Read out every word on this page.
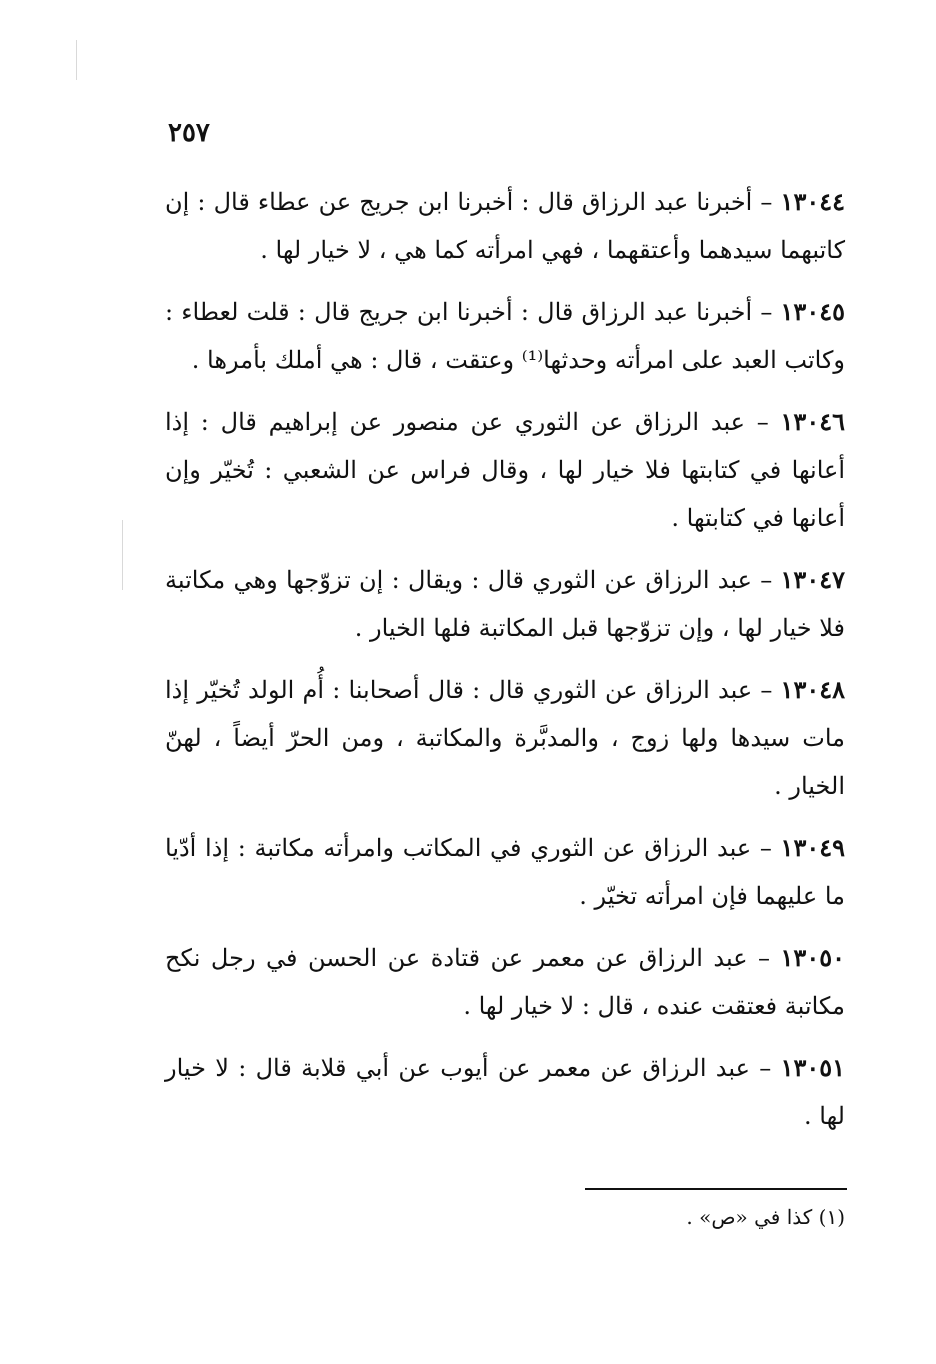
٢٥٧

١٣٠٤٤ – أخبرنا عبد الرزاق قال : أخبرنا ابن جريج عن عطاء قال : إن كاتبهما سيدهما وأعتقهما ، فهي امرأته كما هي ، لا خيار لها .

١٣٠٤٥ – أخبرنا عبد الرزاق قال : أخبرنا ابن جريج قال : قلت لعطاء : وكاتب العبد على امرأته وحدثها⁽¹⁾ وعتقت ، قال : هي أملك بأمرها .

١٣٠٤٦ – عبد الرزاق عن الثوري عن منصور عن إبراهيم قال : إذا أعانها في كتابتها فلا خيار لها ، وقال فراس عن الشعبي : تُخيّر وإن أعانها في كتابتها .

١٣٠٤٧ – عبد الرزاق عن الثوري قال : ويقال : إن تزوّجها وهي مكاتبة فلا خيار لها ، وإن تزوّجها قبل المكاتبة فلها الخيار .

١٣٠٤٨ – عبد الرزاق عن الثوري قال : قال أصحابنا : أُم الولد تُخيّر إذا مات سيدها ولها زوج ، والمدبَّرة والمكاتبة ، ومن الحرّ أيضاً ، لهنّ الخيار .

١٣٠٤٩ – عبد الرزاق عن الثوري في المكاتب وامرأته مكاتبة : إذا أدّيا ما عليهما فإن امرأته تخيّر .

١٣٠٥٠ – عبد الرزاق عن معمر عن قتادة عن الحسن في رجل نكح مكاتبة فعتقت عنده ، قال : لا خيار لها .

١٣٠٥١ – عبد الرزاق عن معمر عن أيوب عن أبي قلابة قال : لا خيار لها .

(١) كذا في «ص» .
